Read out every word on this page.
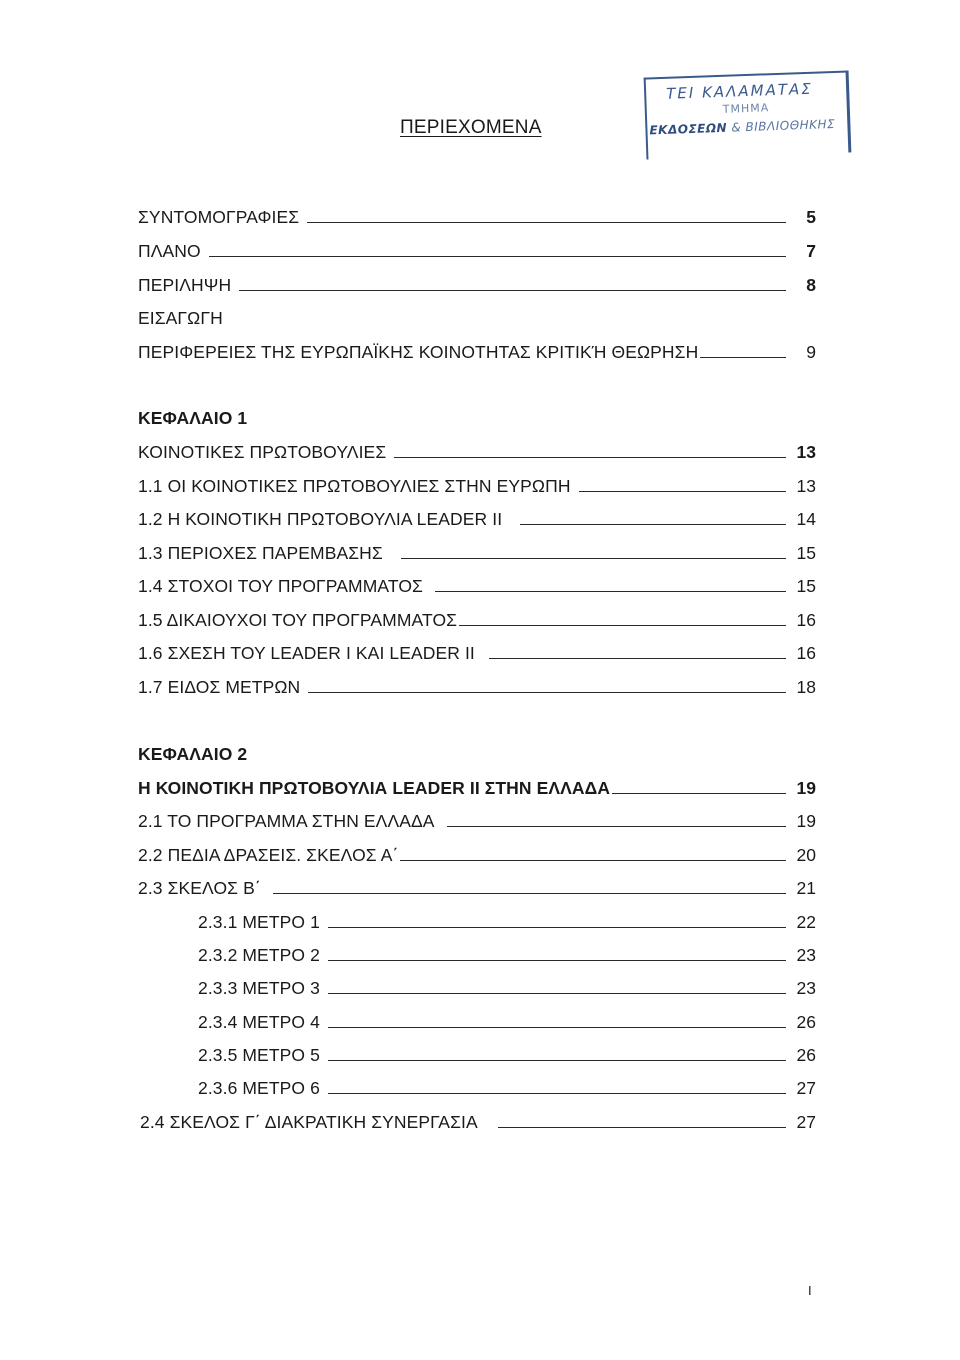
ΠΕΡΙΕΧΟΜΕΝΑ
ΤΕΙ ΚΑΛΑΜΑΤΑΣ
ΤΜΗΜΑ
ΕΚΔΟΣΕΩΝ & ΒΙΒΛΙΟΘΗΚΗΣ
ΣΥΝΤΟΜΟΓΡΑΦΙΕΣ	5
ΠΛΑΝΟ	7
ΠΕΡΙΛΗΨΗ	8
ΕΙΣΑΓΩΓΗ
ΠΕΡΙΦΕΡΕΙΕΣ ΤΗΣ ΕΥΡΩΠΑΪΚΗΣ ΚΟΙΝΟΤΗΤΑΣ ΚΡΙΤΙΚΉ ΘΕΩΡΗΣΗ	9
ΚΕΦΑΛΑΙΟ 1
ΚΟΙΝΟΤΙΚΕΣ ΠΡΩΤΟΒΟΥΛΙΕΣ	13
1.1 ΟΙ ΚΟΙΝΟΤΙΚΕΣ ΠΡΩΤΟΒΟΥΛΙΕΣ ΣΤΗΝ ΕΥΡΩΠΗ	13
1.2 Η ΚΟΙΝΟΤΙΚΗ ΠΡΩΤΟΒΟΥΛΙΑ LEADER II	14
1.3 ΠΕΡΙΟΧΕΣ ΠΑΡΕΜΒΑΣΗΣ	15
1.4 ΣΤΟΧΟΙ ΤΟΥ ΠΡΟΓΡΑΜΜΑΤΟΣ	15
1.5 ΔΙΚΑΙΟΥΧΟΙ ΤΟΥ ΠΡΟΓΡΑΜΜΑΤΟΣ	16
1.6 ΣΧΕΣΗ ΤΟΥ LEADER I ΚΑΙ LEADER II	16
1.7 ΕΙΔΟΣ ΜΕΤΡΩΝ	18
ΚΕΦΑΛΑΙΟ 2
Η ΚΟΙΝΟΤΙΚΗ ΠΡΩΤΟΒΟΥΛΙΑ LEADER II ΣΤΗΝ ΕΛΛΑΔΑ	19
2.1 ΤΟ ΠΡΟΓΡΑΜΜΑ ΣΤΗΝ ΕΛΛΑΔΑ	19
2.2 ΠΕΔΙΑ ΔΡΑΣΕΙΣ. ΣΚΕΛΟΣ Α΄	20
2.3 ΣΚΕΛΟΣ Β΄	21
2.3.1 ΜΕΤΡΟ 1	22
2.3.2 ΜΕΤΡΟ 2	23
2.3.3 ΜΕΤΡΟ 3	23
2.3.4 ΜΕΤΡΟ 4	26
2.3.5 ΜΕΤΡΟ 5	26
2.3.6 ΜΕΤΡΟ 6	27
2.4 ΣΚΕΛΟΣ Γ΄ ΔΙΑΚΡΑΤΙΚΗ ΣΥΝΕΡΓΑΣΙΑ	27
I
